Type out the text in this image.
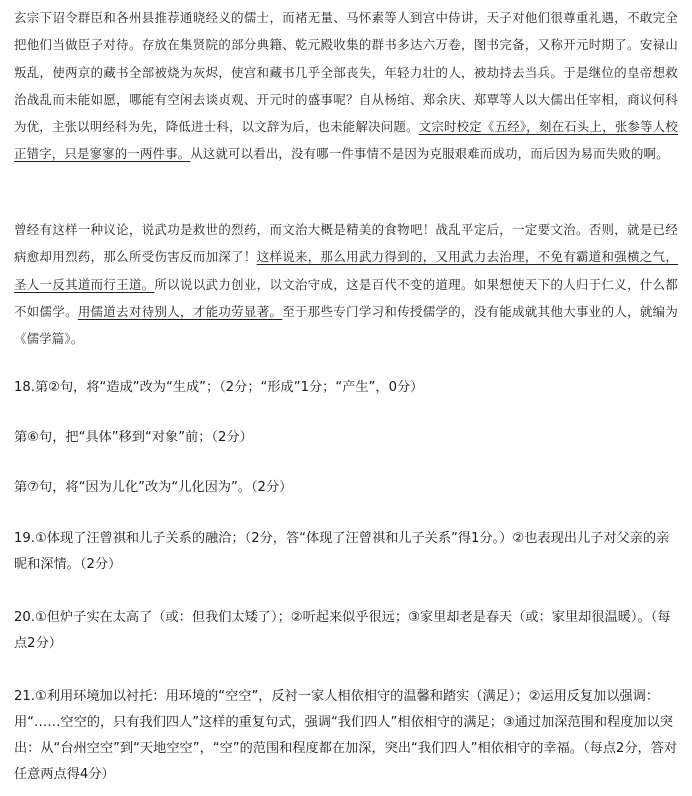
玄宗下诏令群臣和各州县推荐通晓经义的儒士，而褚无量、马怀素等人到宫中侍讲，天子对他们很尊重礼遇，不敢完全把他们当做臣子对待。存放在集贤院的部分典籍、乾元殿收集的群书多达六万卷，图书完备，又称开元时期了。安禄山叛乱，使两京的藏书全部被烧为灰烬，使宫和藏书几乎全部丧失，年轻力壮的人，被劫持去当兵。于是继位的皇帝想救治战乱而未能如愿，哪能有空闲去谈贞观、开元时的盛事呢？自从杨绾、郑余庆、郑覃等人以大儒出任宰相，商议何科为优，主张以明经科为先，降低进士科，以文辞为后，也未能解决问题。文宗时校定《五经》，刻在石头上，张参等人校正错字，只是寥寥的一两件事。从这就可以看出，没有哪一件事情不是因为克服艰难而成功，而后因为易而失败的啊。
曾经有这样一种议论，说武功是救世的烈药，而文治大概是精美的食物吧！战乱平定后，一定要文治。否则，就是已经病愈却用烈药，那么所受伤害反而加深了！这样说来，那么用武力得到的，又用武力去治理，不免有霸道和强横之气，圣人一反其道而行王道。所以说以武力创业，以文治守成，这是百代不变的道理。如果想使天下的人归于仁义，什么都不如儒学。用儒道去对待别人，才能功劳显著。至于那些专门学习和传授儒学的，没有能成就其他大事业的人，就编为《儒学篇》。
18.第②句，将“造成”改为“生成”；（2分；“形成”1分；“产生”，0分）
第⑥句，把“具体”移到“对象”前；（2分）
第⑦句，将“因为儿化”改为“儿化因为”。（2分）
19.①体现了汪曾祺和儿子关系的融洽；（2分，答“体现了汪曾祺和儿子关系”得1分。）②也表现出儿子对父亲的亲昵和深情。（2分）
20.①但炉子实在太高了（或：但我们太矮了）；②听起来似乎很远；③家里却老是春天（或：家里却很温暖）。（每点2分）
21.①利用环境加以衬托：用环境的“空空”，反衬一家人相依相守的温馨和踏实（满足）；②运用反复加以强调：用“……空空的，只有我们四人”这样的重复句式，强调“我们四人”相依相守的满足；③通过加深范围和程度加以突出：从“台州空空”到“天地空空”，“空”的范围和程度都在加深，突出“我们四人”相依相守的幸福。（每点2分，答对任意两点得4分）
